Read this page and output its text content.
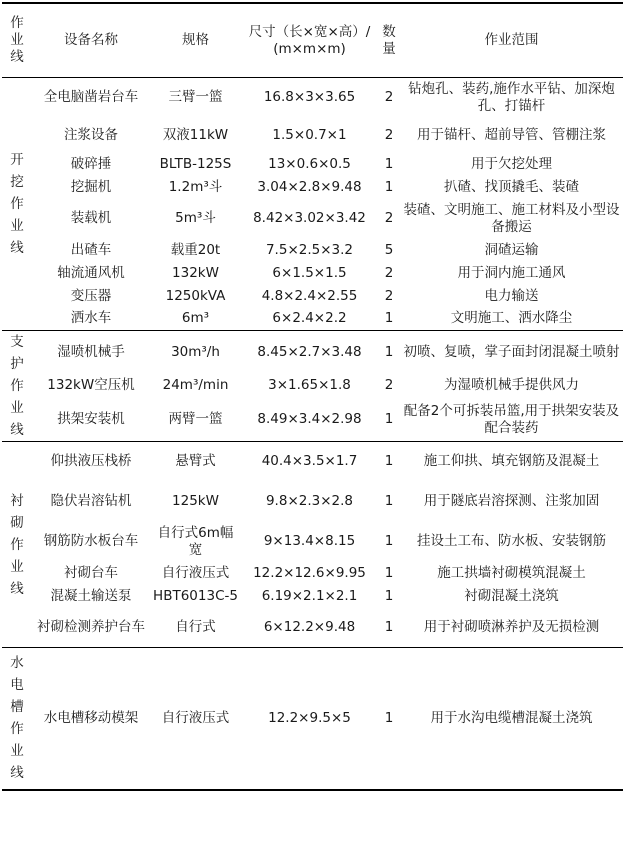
作业线	设备名称	规格	尺寸（长×宽×高）/(m×m×m)	数量	作业范围
开挖作业线	全电脑凿岩台车	三臂一篮	16.8×3×3.65	2	钻炮孔、装药,施作水平钻、加深炮孔、打锚杆
	注浆设备	双液11kW	1.5×0.7×1	2	用于锚杆、超前导管、管棚注浆
	破碎捶	BLTB-125S	13×0.6×0.5	1	用于欠挖处理
	挖掘机	1.2m³斗	3.04×2.8×9.48	1	扒碴、找顶撬毛、装碴
	装载机	5m³斗	8.42×3.02×3.42	2	装碴、文明施工、施工材料及小型设备搬运
	出碴车	载重20t	7.5×2.5×3.2	5	洞碴运输
	轴流通风机	132kW	6×1.5×1.5	2	用于洞内施工通风
	变压器	1250kVA	4.8×2.4×2.55	2	电力输送
	洒水车	6m³	6×2.4×2.2	1	文明施工、洒水降尘
支护作业线	湿喷机械手	30m³/h	8.45×2.7×3.48	1	初喷、复喷，掌子面封闭混凝土喷射
	132kW空压机	24m³/min	3×1.65×1.8	2	为湿喷机械手提供风力
	拱架安装机	两臂一篮	8.49×3.4×2.98	1	配备2个可拆装吊篮,用于拱架安装及配合装药
衬砌作业线	仰拱液压栈桥	悬臂式	40.4×3.5×1.7	1	施工仰拱、填充钢筋及混凝土
	隐伏岩溶钻机	125kW	9.8×2.3×2.8	1	用于隧底岩溶探测、注浆加固
	钢筋防水板台车	自行式6m幅宽	9×13.4×8.15	1	挂设土工布、防水板、安装钢筋
	衬砌台车	自行液压式	12.2×12.6×9.95	1	施工拱墙衬砌模筑混凝土
	混凝土输送泵	HBT6013C-5	6.19×2.1×2.1	1	衬砌混凝土浇筑
	衬砌检测养护台车	自行式	6×12.2×9.48	1	用于衬砌喷淋养护及无损检测
水电槽作业线	水电槽移动模架	自行液压式	12.2×9.5×5	1	用于水沟电缆槽混凝土浇筑
